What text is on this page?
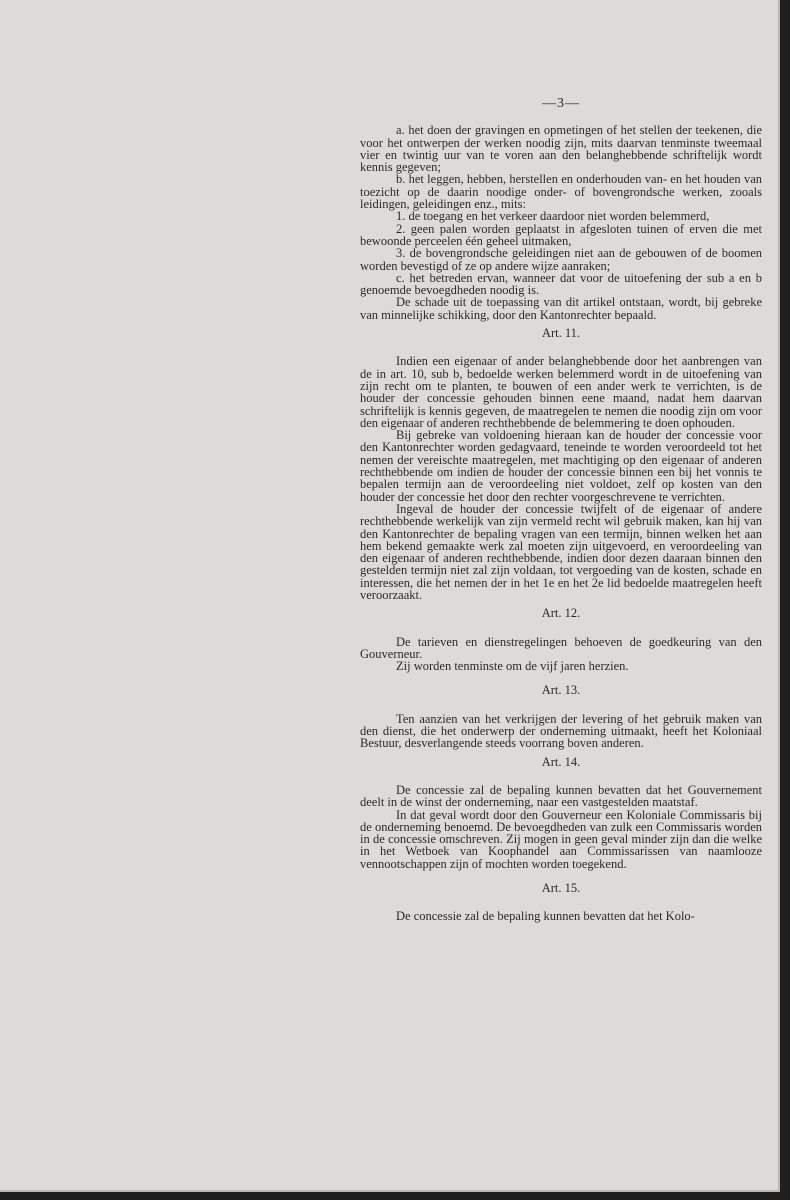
—3—

a. het doen der gravingen en opmetingen of het stellen der teekenen, die voor het ontwerpen der werken noodig zijn, mits daarvan tenminste tweemaal vier en twintig uur van te voren aan den belanghebbende schriftelijk wordt kennis gegeven;

b. het leggen, hebben, herstellen en onderhouden van- en het houden van toezicht op de daarin noodige onder- of bovengrondsche werken, zooals leidingen, geleidingen enz., mits:

1. de toegang en het verkeer daardoor niet worden belemmerd,

2. geen palen worden geplaatst in afgesloten tuinen of erven die met bewoonde perceelen één geheel uitmaken,

3. de bovengrondsche geleidingen niet aan de gebouwen of de boomen worden bevestigd of ze op andere wijze aanraken;

c. het betreden ervan, wanneer dat voor de uitoefening der sub a en b genoemde bevoegdheden noodig is.

De schade uit de toepassing van dit artikel ontstaan, wordt, bij gebreke van minnelijke schikking, door den Kantonrechter bepaald.

Art. 11.

Indien een eigenaar of ander belanghebbende door het aanbrengen van de in art. 10, sub b, bedoelde werken belemmerd wordt in de uitoefening van zijn recht om te planten, te bouwen of een ander werk te verrichten, is de houder der concessie gehouden binnen eene maand, nadat hem daarvan schriftelijk is kennis gegeven, de maatregelen te nemen die noodig zijn om voor den eigenaar of anderen rechthebbende de belemmering te doen ophouden.

Bij gebreke van voldoening hieraan kan de houder der concessie voor den Kantonrechter worden gedagvaard, teneinde te worden veroordeeld tot het nemen der vereischte maatregelen, met machtiging op den eigenaar of anderen rechthebbende om indien de houder der concessie binnen een bij het vonnis te bepalen termijn aan de veroordeeling niet voldoet, zelf op kosten van den houder der concessie het door den rechter voorgeschrevene te verrichten.

Ingeval de houder der concessie twijfelt of de eigenaar of andere rechthebbende werkelijk van zijn vermeld recht wil gebruik maken, kan hij van den Kantonrechter de bepaling vragen van een termijn, binnen welken het aan hem bekend gemaakte werk zal moeten zijn uitgevoerd, en veroordeeling van den eigenaar of anderen rechthebbende, indien door dezen daaraan binnen den gestelden termijn niet zal zijn voldaan, tot vergoeding van de kosten, schade en interessen, die het nemen der in het 1e en het 2e lid bedoelde maatregelen heeft veroorzaakt.

Art. 12.

De tarieven en dienstregelingen behoeven de goedkeuring van den Gouverneur.

Zij worden tenminste om de vijf jaren herzien.

Art. 13.

Ten aanzien van het verkrijgen der levering of het gebruik maken van den dienst, die het onderwerp der onderneming uitmaakt, heeft het Koloniaal Bestuur, desverlangende steeds voorrang boven anderen.

Art. 14.

De concessie zal de bepaling kunnen bevatten dat het Gouvernement deelt in de winst der onderneming, naar een vastgestelden maatstaf.

In dat geval wordt door den Gouverneur een Koloniale Commissaris bij de onderneming benoemd. De bevoegdheden van zulk een Commissaris worden in de concessie omschreven. Zij mogen in geen geval minder zijn dan die welke in het Wetboek van Koophandel aan Commissarissen van naamlooze vennootschappen zijn of mochten worden toegekend.

Art. 15.

De concessie zal de bepaling kunnen bevatten dat het Kolo-
